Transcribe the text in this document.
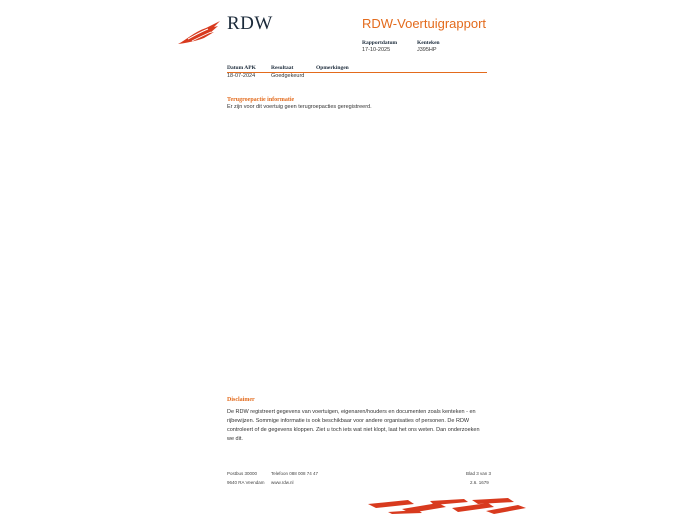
RDW	RDW-Voertuigrapport
Rapportdatum
17-10-2025
Kenteken
J395HP
Datum APK	Resultaat	Opmerkingen
18-07-2024	Goedgekeurd
Terugroepactie informatie
Er zijn voor dit voertuig geen terugroepacties geregistreerd.
Disclaimer
De RDW registreert gegevens van voertuigen, eigenaren/houders en documenten zoals kenteken - en
rijbewijzen. Sommige informatie is ook beschikbaar voor andere organisaties of personen. De RDW
controleert of de gegevens kloppen. Ziet u toch iets wat niet klopt, laat het ons weten. Dan onderzoeken
we dit.
Postbus 30000
9640 RA Veendam
Telefoon 088 008 74 47
www.rdw.nl
Blad 3 van 3
2.6. 1679
